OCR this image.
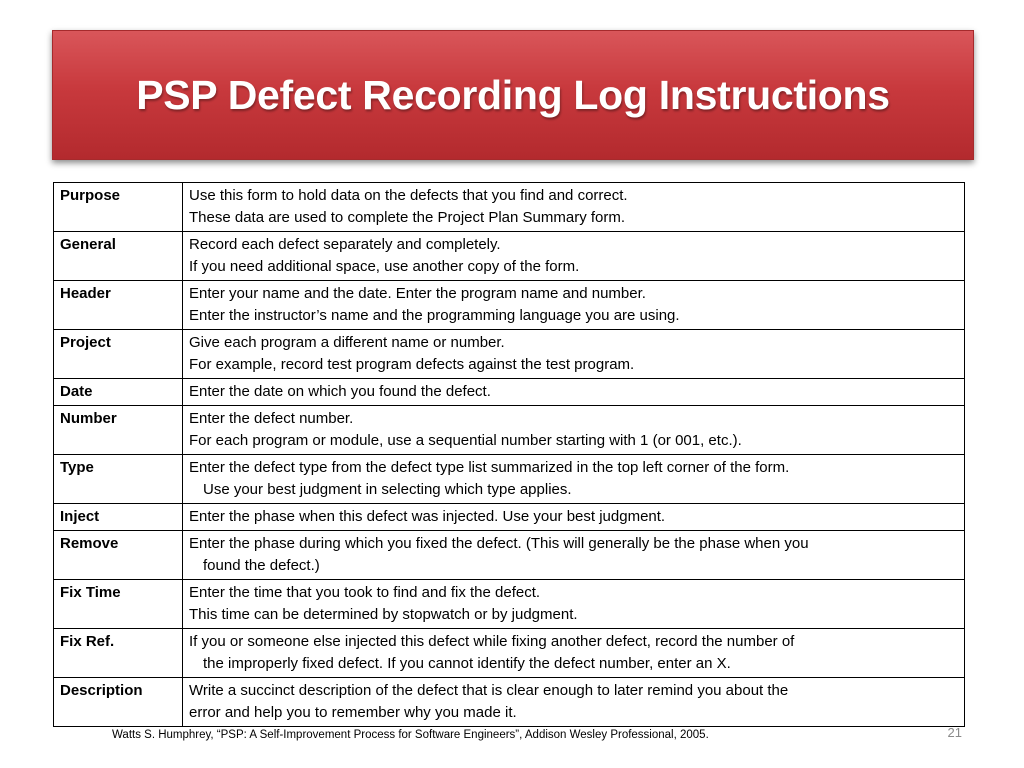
PSP Defect Recording Log Instructions
Purpose	Use this form to hold data on the defects that you find and correct.
These data are used to complete the Project Plan Summary form.

General	Record each defect separately and completely.
If you need additional space, use another copy of the form.

Header	Enter your name and the date. Enter the program name and number.
Enter the instructor’s name and the programming language you are using.

Project	Give each program a different name or number.
For example, record test program defects against the test program.

Date	Enter the date on which you found the defect.

Number	Enter the defect number.
For each program or module, use a sequential number starting with 1 (or 001, etc.).

Type	Enter the defect type from the defect type list summarized in the top left corner of the form.
Use your best judgment in selecting which type applies.

Inject	Enter the phase when this defect was injected. Use your best judgment.

Remove	Enter the phase during which you fixed the defect. (This will generally be the phase when you
found the defect.)

Fix Time	Enter the time that you took to find and fix the defect.
This time can be determined by stopwatch or by judgment.

Fix Ref.	If you or someone else injected this defect while fixing another defect, record the number of
the improperly fixed defect. If you cannot identify the defect number, enter an X.

Description	Write a succinct description of the defect that is clear enough to later remind you about the
error and help you to remember why you made it.
Watts S. Humphrey, “PSP: A Self-Improvement Process for Software Engineers”, Addison Wesley Professional, 2005.	21
